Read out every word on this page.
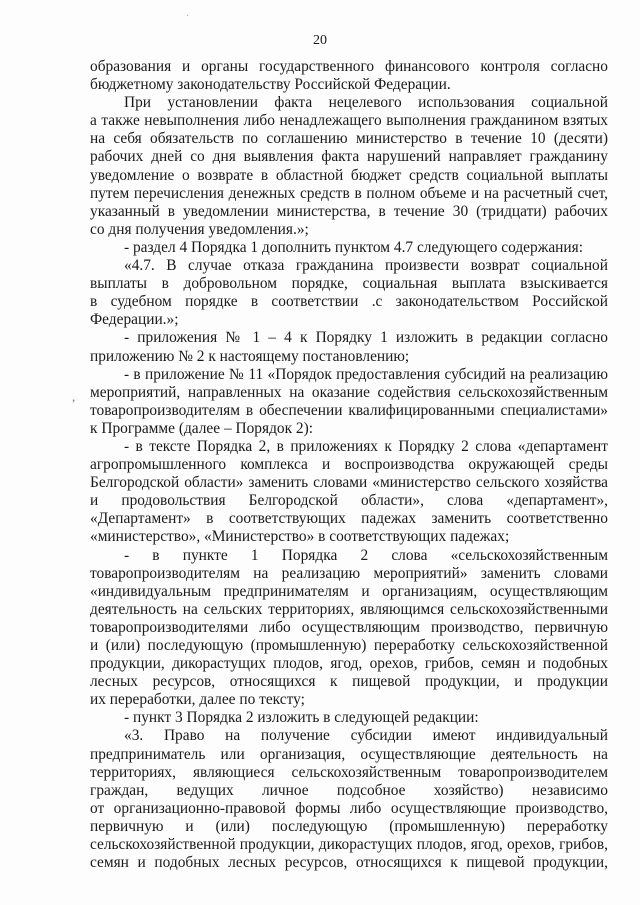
20
·
,
образования и органы государственного финансового контроля согласно
бюджетному законодательству Российской Федерации.
При установлении факта нецелевого использования социальной
а также невыполнения либо ненадлежащего выполнения гражданином взятых
на себя обязательств по соглашению министерство в течение 10 (десяти)
рабочих дней со дня выявления факта нарушений направляет гражданину
уведомление о возврате в областной бюджет средств социальной выплаты
путем перечисления денежных средств в полном объеме и на расчетный счет,
указанный в уведомлении министерства, в течение 30 (тридцати) рабочих
со дня получения уведомления.»;
- раздел 4 Порядка 1 дополнить пунктом 4.7 следующего содержания:
«4.7. В случае отказа гражданина произвести возврат социальной
выплаты в добровольном порядке, социальная выплата взыскивается
в судебном порядке в соответствии .с законодательством Российской
Федерации.»;
- приложения № 1 – 4 к Порядку 1 изложить в редакции согласно
приложению № 2 к настоящему постановлению;
- в приложение № 11 «Порядок предоставления субсидий на реализацию
мероприятий, направленных на оказание содействия сельскохозяйственным
товаропроизводителям в обеспечении квалифицированными специалистами»
к Программе (далее – Порядок 2):
- в тексте Порядка 2, в приложениях к Порядку 2 слова «департамент
агропромышленного комплекса и воспроизводства окружающей среды
Белгородской области» заменить словами «министерство сельского хозяйства
и продовольствия Белгородской области», слова «департамент»,
«Департамент» в соответствующих падежах заменить соответственно
«министерство», «Министерство» в соответствующих падежах;
- в пункте 1 Порядка 2 слова «сельскохозяйственным
товаропроизводителям на реализацию мероприятий» заменить словами
«индивидуальным предпринимателям и организациям, осуществляющим
деятельность на сельских территориях, являющимся сельскохозяйственными
товаропроизводителями либо осуществляющим производство, первичную
и (или) последующую (промышленную) переработку сельскохозяйственной
продукции, дикорастущих плодов, ягод, орехов, грибов, семян и подобных
лесных ресурсов, относящихся к пищевой продукции, и продукции
их переработки, далее по тексту;
- пункт 3 Порядка 2 изложить в следующей редакции:
«3. Право на получение субсидии имеют индивидуальный
предприниматель или организация, осуществляющие деятельность на
территориях, являющиеся сельскохозяйственным товаропроизводителем
граждан, ведущих личное подсобное хозяйство) независимо
от организационно-правовой формы либо осуществляющие производство,
первичную и (или) последующую (промышленную) переработку
сельскохозяйственной продукции, дикорастущих плодов, ягод, орехов, грибов,
семян и подобных лесных ресурсов, относящихся к пищевой продукции,
